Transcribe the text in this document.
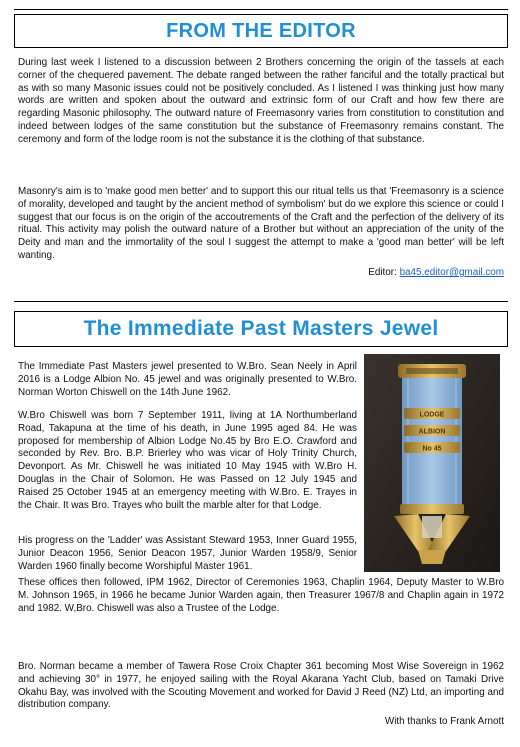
FROM THE EDITOR

During last week I listened to a discussion between 2 Brothers concerning the origin of the tassels at each corner of the chequered pavement. The debate ranged between the rather fanciful and the totally practical but as with so many Masonic issues could not be positively concluded. As I listened I was thinking just how many words are written and spoken about the outward and extrinsic form of our Craft and how few there are regarding Masonic philosophy. The outward nature of Freemasonry varies from constitution to constitution and indeed between lodges of the same constitution but the substance of Freemasonry remains constant. The ceremony and form of the lodge room is not the substance it is the clothing of that substance.

Masonry's aim is to 'make good men better' and to support this our ritual tells us that 'Freemasonry is a science of morality, developed and taught by the ancient method of symbolism' but do we explore this science or could I suggest that our focus is on the origin of the accoutrements of the Craft and the perfection of the delivery of its ritual. This activity may polish the outward nature of a Brother but without an appreciation of the unity of the Deity and man and the immortality of the soul I suggest the attempt to make a 'good man better' will be left wanting.

Editor: ba45.editor@gmail.com
The Immediate Past Masters Jewel

The Immediate Past Masters jewel presented to W.Bro. Sean Neely in April 2016 is a Lodge Albion No. 45 jewel and was originally presented to W.Bro. Norman Worton Chiswell on the 14th June 1962.

W.Bro Chiswell was born 7 September 1911, living at 1A Northumberland Road, Takapuna at the time of his death, in June 1995 aged 84. He was proposed for membership of Albion Lodge No.45 by Bro E.O. Crawford and seconded by Rev. Bro. B.P. Brierley who was vicar of Holy Trinity Church, Devonport. As Mr. Chiswell he was initiated 10 May 1945 with W.Bro H. Douglas in the Chair of Solomon. He was Passed on 12 July 1945 and Raised 25 October 1945 at an emergency meeting with W.Bro. E. Trayes in the Chair. It was Bro. Trayes who built the marble alter for that Lodge.

His progress on the 'Ladder' was Assistant Steward 1953, Inner Guard 1955, Junior Deacon 1956, Senior Deacon 1957, Junior Warden 1958/9, Senior Warden 1960 finally become Worshipful Master 1961.

These offices then followed, IPM 1962, Director of Ceremonies 1963, Chaplin 1964, Deputy Master to W.Bro M. Johnson 1965, in 1966 he became Junior Warden again, then Treasurer 1967/8 and Chaplin again in 1972 and 1982. W,Bro. Chiswell was also a Trustee of the Lodge.

Bro. Norman became a member of Tawera Rose Croix Chapter 361 becoming Most Wise Sovereign in 1962 and achieving 30° in 1977, he enjoyed sailing with the Royal Akarana Yacht Club, based on Tamaki Drive Okahu Bay, was involved with the Scouting Movement and worked for David J Reed (NZ) Ltd, an importing and distribution company.

With thanks to Frank Arnott
LODGE
ALBION
No 45
